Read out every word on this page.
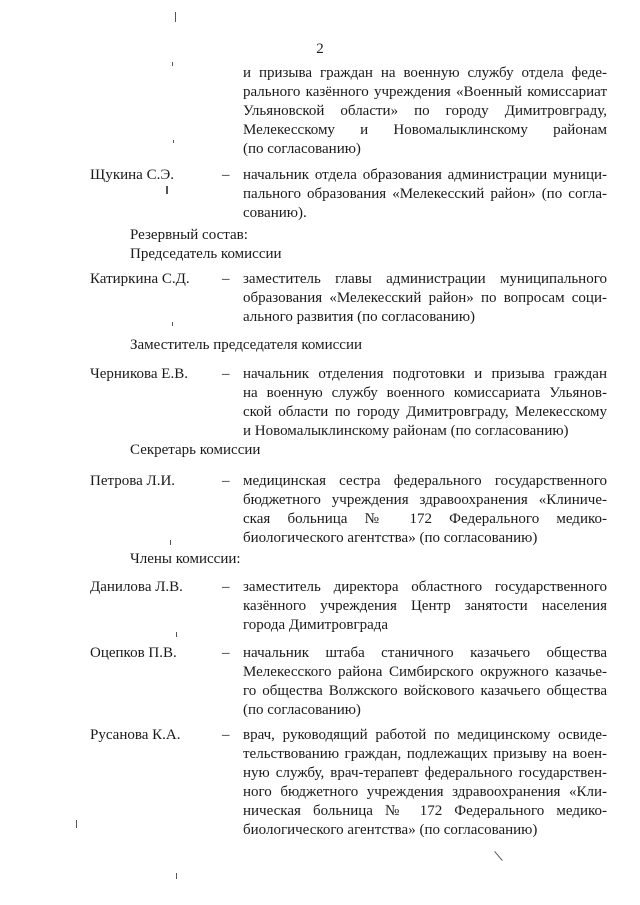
2
и призыва граждан на военную службу отдела феде-
рального казённого учреждения «Военный комиссариат
Ульяновской области» по городу Димитровграду,
Мелекесскому и Новомалыклинскому районам
(по согласованию)
Щукина С.Э.	– начальник отдела образования администрации муници-
пального образования «Мелекесский район» (по согла-
сованию).
Резервный состав:
Председатель комиссии
Катиркина С.Д. – заместитель главы администрации муниципального
образования «Мелекесский район» по вопросам соци-
ального развития (по согласованию)
Заместитель председателя комиссии
Черникова Е.В. – начальник отделения подготовки и призыва граждан
на военную службу военного комиссариата Ульянов-
ской области по городу Димитровграду, Мелекесскому
и Новомалыклинскому районам (по согласованию)
Секретарь комиссии
Петрова Л.И.	– медицинская сестра федерального государственного
бюджетного учреждения здравоохранения «Клиниче-
ская больница № 172 Федерального медико-
биологического агентства» (по согласованию)
Члены комиссии:
Данилова Л.В.	– заместитель директора областного государственного
казённого учреждения Центр занятости населения
города Димитровграда
Оцепков П.В.	– начальник штаба станичного казачьего общества
Мелекесского района Симбирского окружного казачье-
го общества Волжского войскового казачьего общества
(по согласованию)
Русанова К.А.	– врач, руководящий работой по медицинскому освиде-
тельствованию граждан, подлежащих призыву на воен-
ную службу, врач-терапевт федерального государствен-
ного бюджетного учреждения здравоохранения «Кли-
ническая больница № 172 Федерального медико-
биологического агентства» (по согласованию)
